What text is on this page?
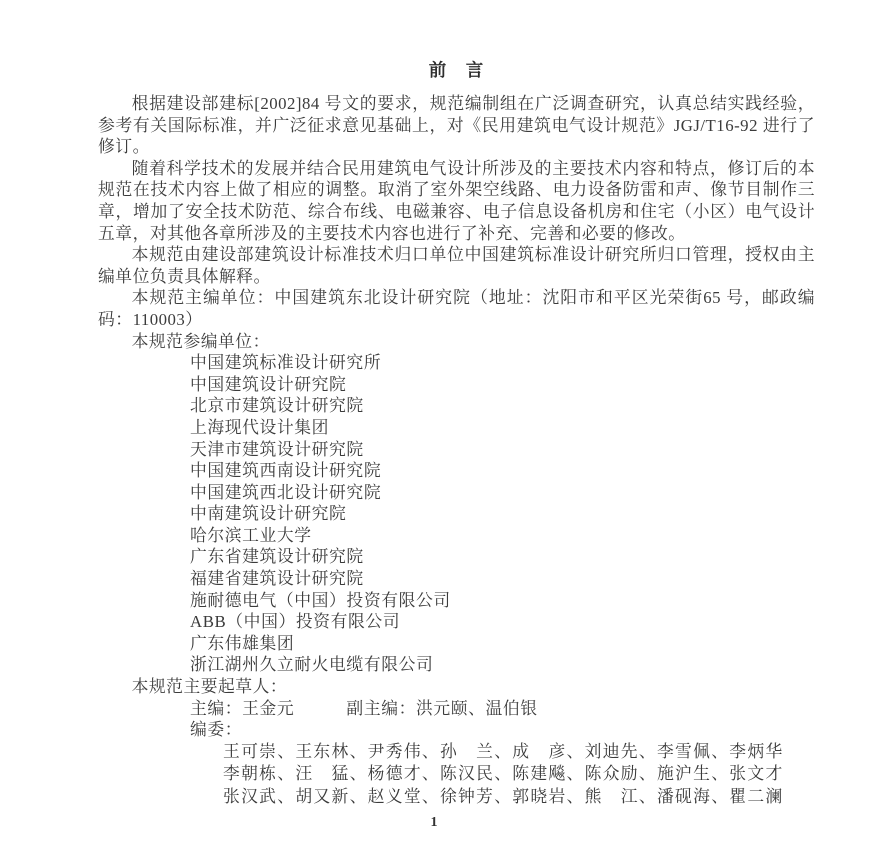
前　言

根据建设部建标[2002]84 号文的要求，规范编制组在广泛调查研究，认真总结实践经验，参考有关国际标准，并广泛征求意见基础上，对《民用建筑电气设计规范》JGJ/T16-92 进行了修订。

随着科学技术的发展并结合民用建筑电气设计所涉及的主要技术内容和特点，修订后的本规范在技术内容上做了相应的调整。取消了室外架空线路、电力设备防雷和声、像节目制作三章，增加了安全技术防范、综合布线、电磁兼容、电子信息设备机房和住宅（小区）电气设计五章，对其他各章所涉及的主要技术内容也进行了补充、完善和必要的修改。

本规范由建设部建筑设计标准技术归口单位中国建筑标准设计研究所归口管理，授权由主编单位负责具体解释。

本规范主编单位：中国建筑东北设计研究院（地址：沈阳市和平区光荣街65 号，邮政编码：110003）

本规范参编单位：

中国建筑标准设计研究所
中国建筑设计研究院
北京市建筑设计研究院
上海现代设计集团
天津市建筑设计研究院
中国建筑西南设计研究院
中国建筑西北设计研究院
中南建筑设计研究院
哈尔滨工业大学
广东省建筑设计研究院
福建省建筑设计研究院
施耐德电气（中国）投资有限公司
ABB（中国）投资有限公司
广东伟雄集团
浙江湖州久立耐火电缆有限公司

本规范主要起草人：

主编：王金元　　　副主编：洪元颐、温伯银

编委：

王可崇、王东林、尹秀伟、孙　兰、成　彦、刘迪先、李雪佩、李炳华

李朝栋、汪　猛、杨德才、陈汉民、陈建飚、陈众励、施沪生、张文才

张汉武、胡又新、赵义堂、徐钟芳、郭晓岩、熊　江、潘砚海、瞿二澜

1
